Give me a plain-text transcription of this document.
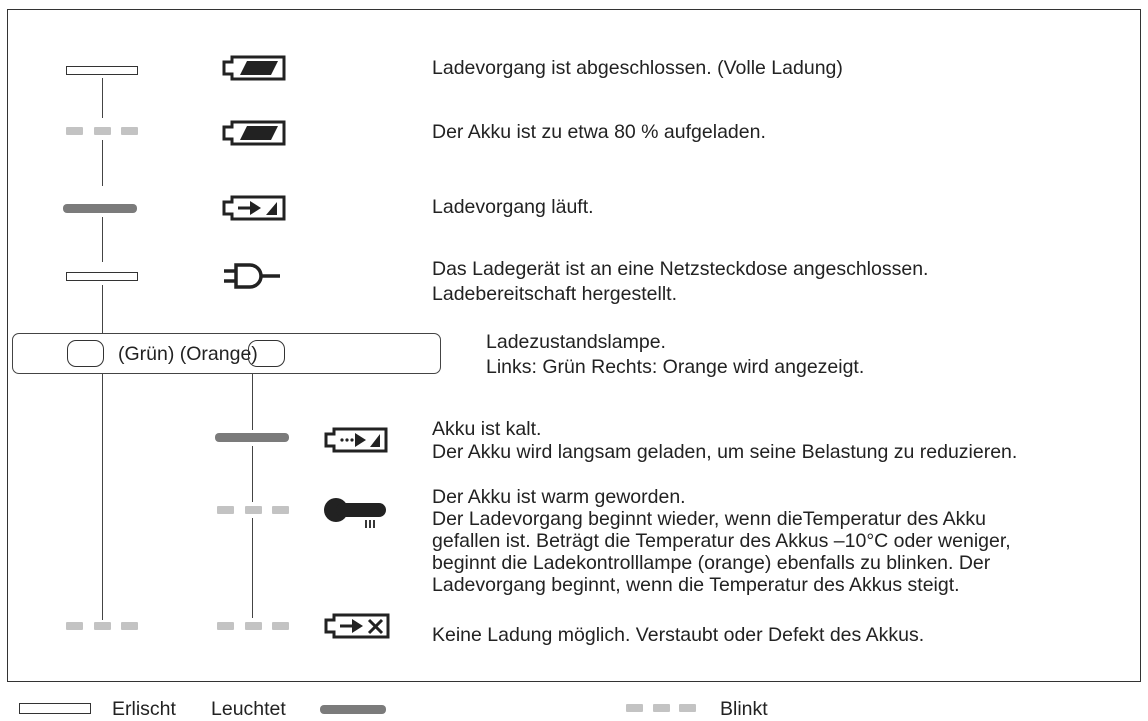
Ladevorgang ist abgeschlossen. (Volle Ladung)
Der Akku ist zu etwa 80 % aufgeladen.
Ladevorgang läuft.
Das Ladegerät ist an eine Netzsteckdose angeschlossen.
Ladebereitschaft hergestellt.
(Grün) (Orange)
Ladezustandslampe.
Links: Grün Rechts: Orange wird angezeigt.
Akku ist kalt.
Der Akku wird langsam geladen, um seine Belastung zu reduzieren.
Der Akku ist warm geworden.
Der Ladevorgang beginnt wieder, wenn dieTemperatur des Akku
gefallen ist. Beträgt die Temperatur des Akkus –10°C oder weniger,
beginnt die Ladekontrolllampe (orange) ebenfalls zu blinken. Der
Ladevorgang beginnt, wenn die Temperatur des Akkus steigt.
Keine Ladung möglich. Verstaubt oder Defekt des Akkus.
Erlischt Leuchtet	Blinkt
